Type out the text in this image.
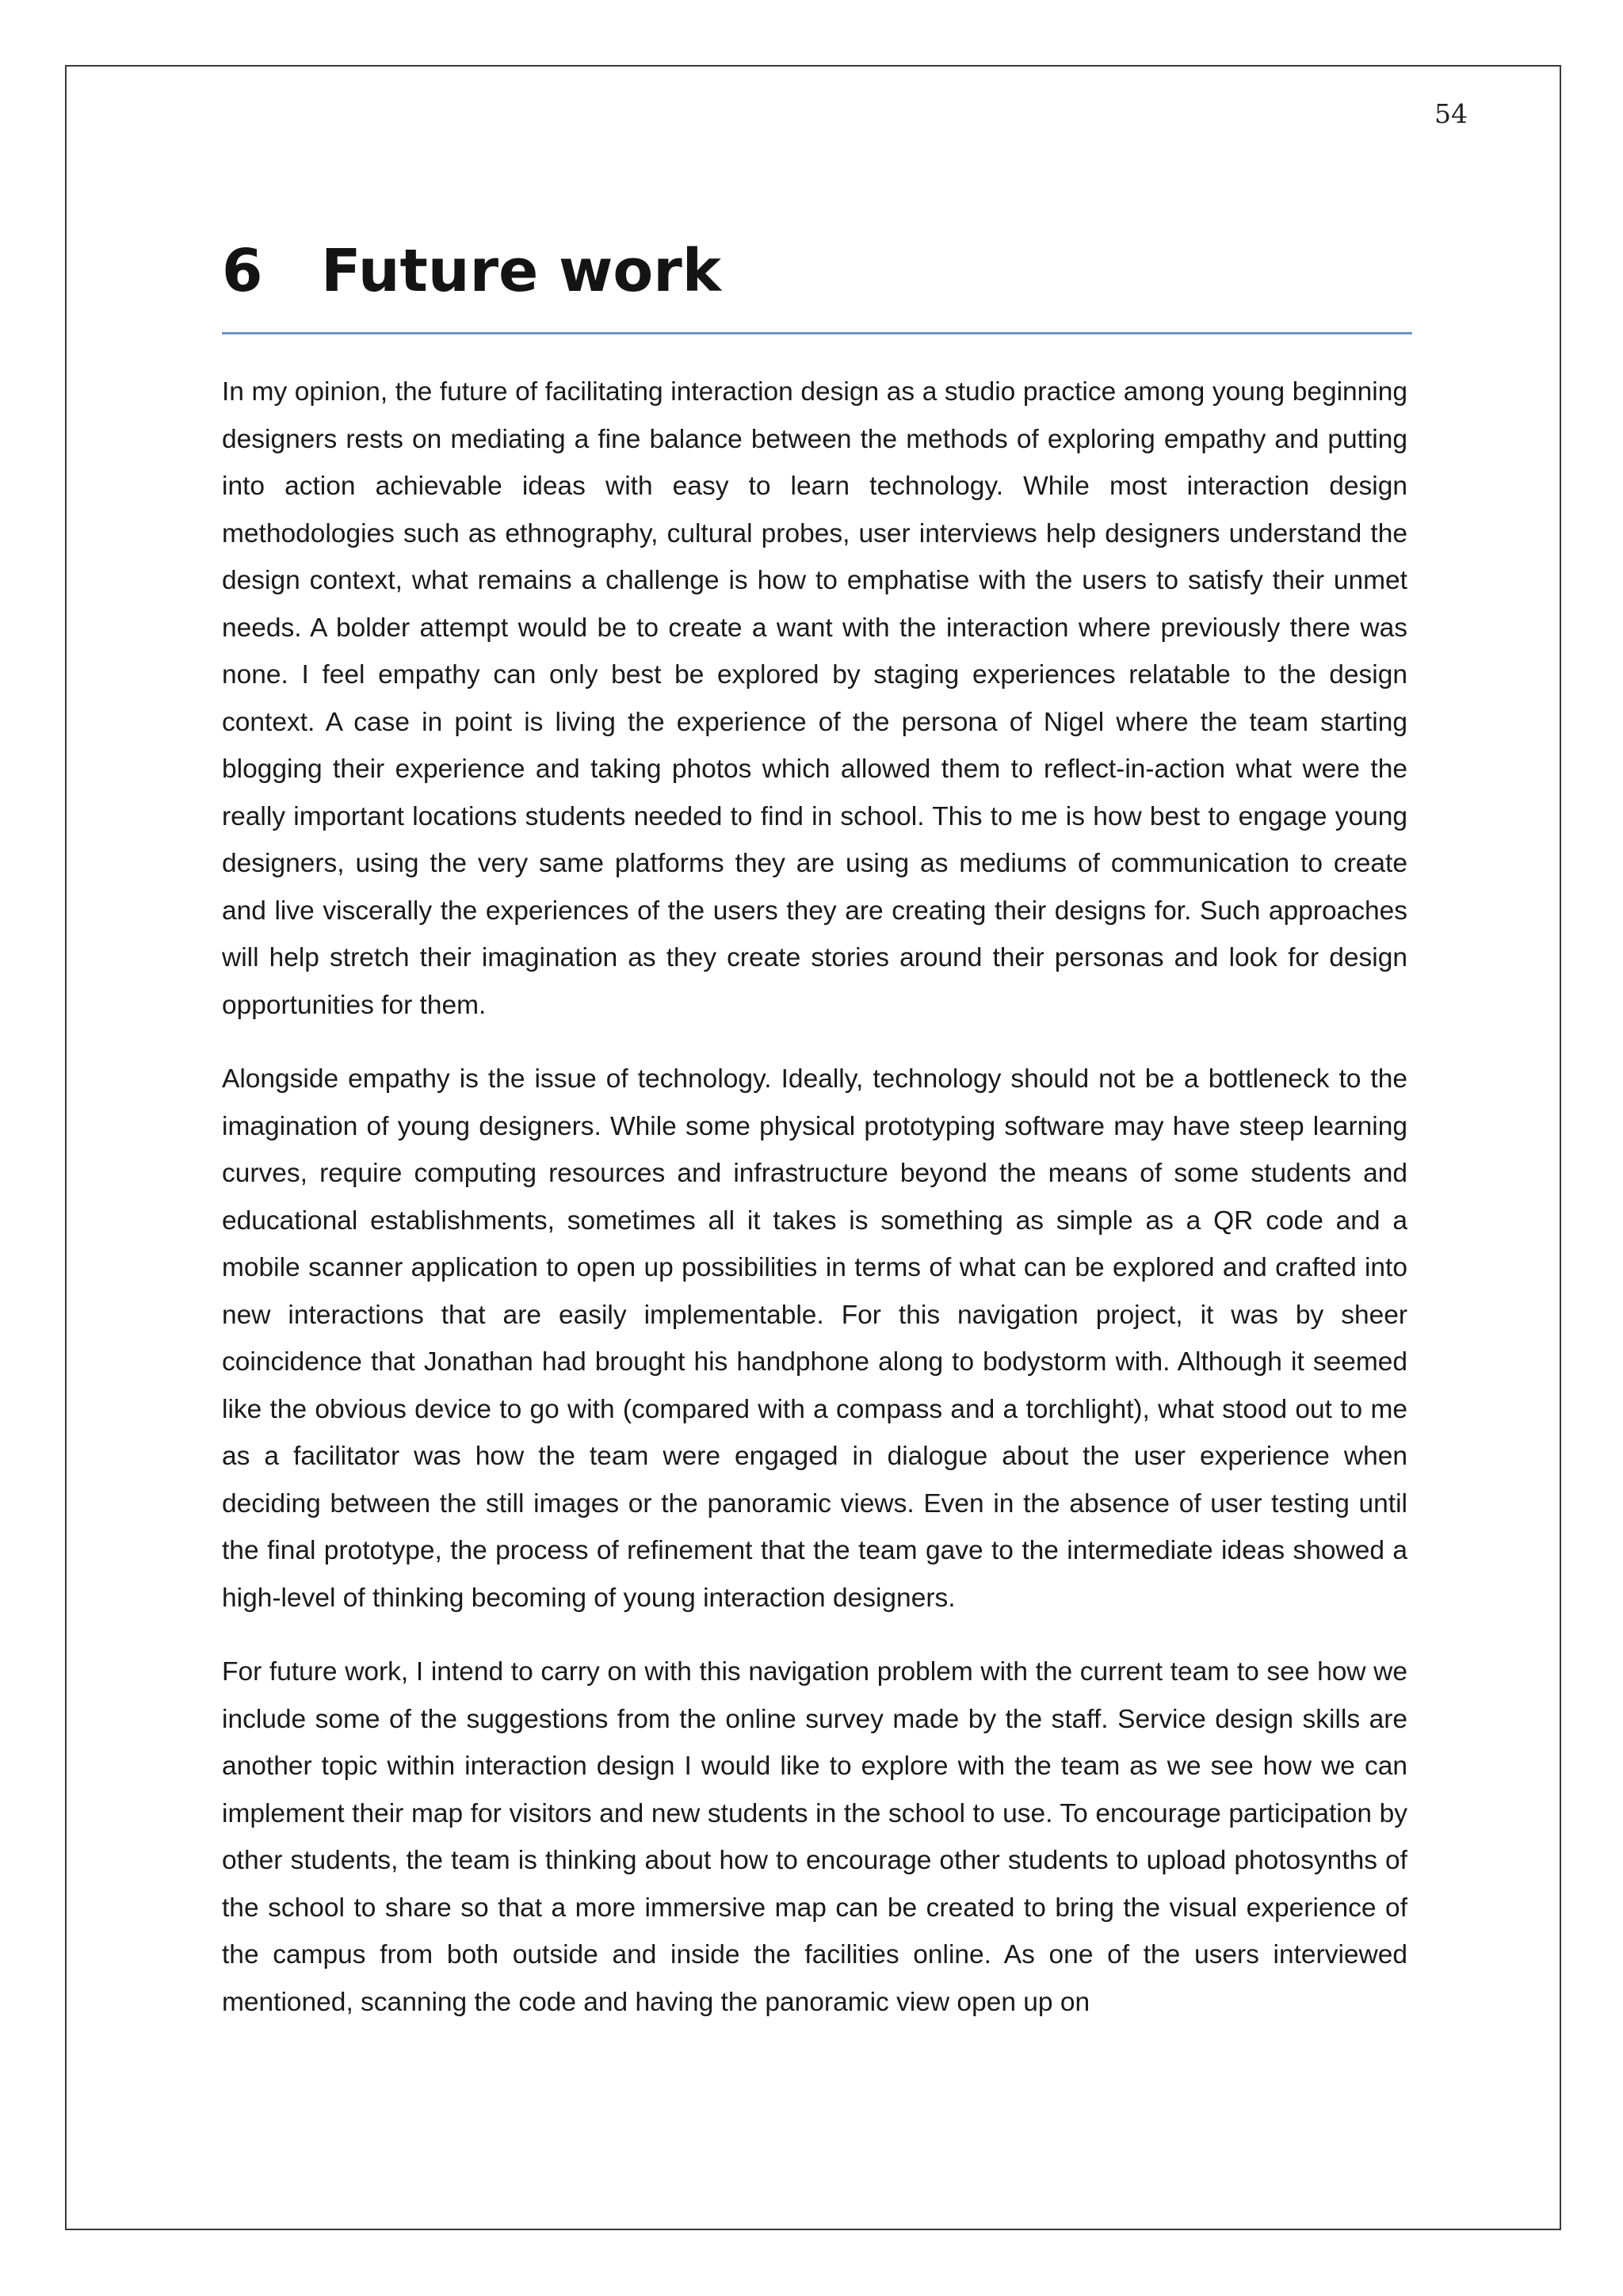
54
6 Future work

In my opinion, the future of facilitating interaction design as a studio practice among young beginning designers rests on mediating a fine balance between the methods of exploring empathy and putting into action achievable ideas with easy to learn technology. While most interaction design methodologies such as ethnography, cultural probes, user interviews help designers understand the design context, what remains a challenge is how to emphatise with the users to satisfy their unmet needs. A bolder attempt would be to create a want with the interaction where previously there was none. I feel empathy can only best be explored by staging experiences relatable to the design context. A case in point is living the experience of the persona of Nigel where the team starting blogging their experience and taking photos which allowed them to reflect-in-action what were the really important locations students needed to find in school. This to me is how best to engage young designers, using the very same platforms they are using as mediums of communication to create and live viscerally the experiences of the users they are creating their designs for. Such approaches will help stretch their imagination as they create stories around their personas and look for design opportunities for them.

Alongside empathy is the issue of technology. Ideally, technology should not be a bottleneck to the imagination of young designers. While some physical prototyping software may have steep learning curves, require computing resources and infrastructure beyond the means of some students and educational establishments, sometimes all it takes is something as simple as a QR code and a mobile scanner application to open up possibilities in terms of what can be explored and crafted into new interactions that are easily implementable. For this navigation project, it was by sheer coincidence that Jonathan had brought his handphone along to bodystorm with. Although it seemed like the obvious device to go with (compared with a compass and a torchlight), what stood out to me as a facilitator was how the team were engaged in dialogue about the user experience when deciding between the still images or the panoramic views. Even in the absence of user testing until the final prototype, the process of refinement that the team gave to the intermediate ideas showed a high-level of thinking becoming of young interaction designers.

For future work, I intend to carry on with this navigation problem with the current team to see how we include some of the suggestions from the online survey made by the staff. Service design skills are another topic within interaction design I would like to explore with the team as we see how we can implement their map for visitors and new students in the school to use. To encourage participation by other students, the team is thinking about how to encourage other students to upload photosynths of the school to share so that a more immersive map can be created to bring the visual experience of the campus from both outside and inside the facilities online. As one of the users interviewed mentioned, scanning the code and having the panoramic view open up on
